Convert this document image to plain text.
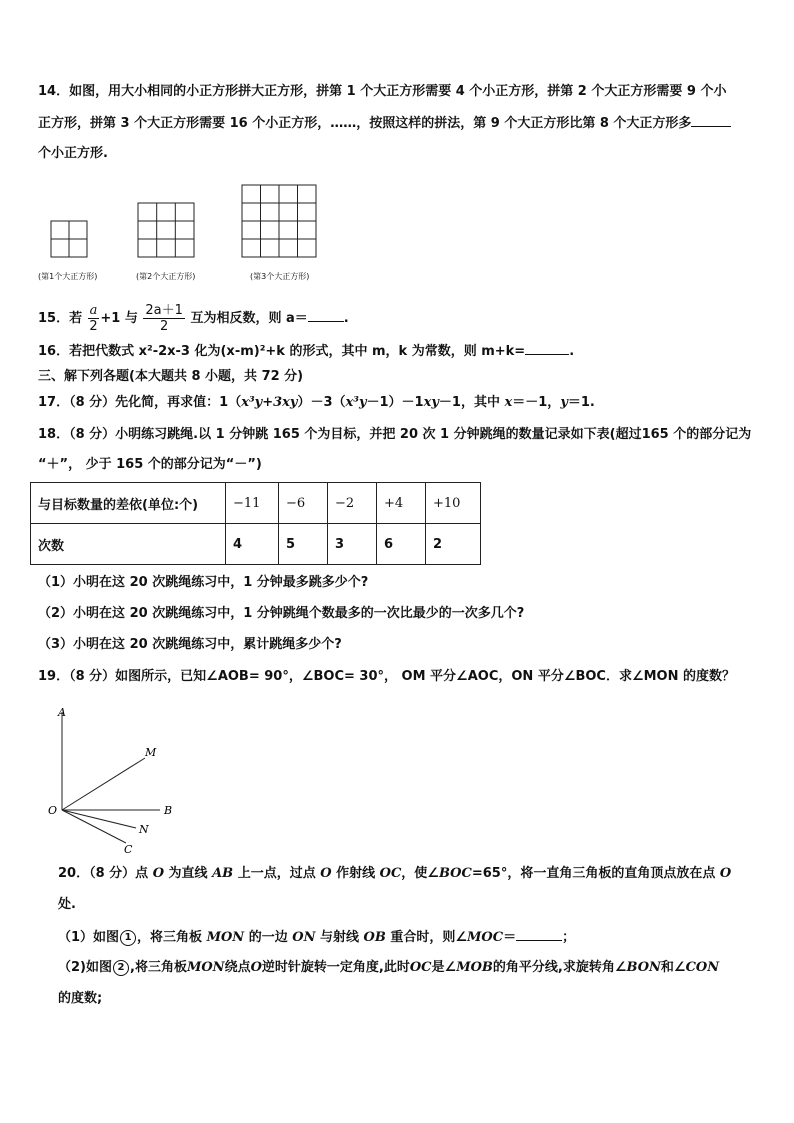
14．如图，用大小相同的小正方形拼大正方形，拼第 1 个大正方形需要 4 个小正方形，拼第 2 个大正方形需要 9 个小
正方形，拼第 3 个大正方形需要 16 个小正方形，……，按照这样的拼法，第 9 个大正方形比第 8 个大正方形多
个小正方形.
(第1个大正方形)	(第2个大正方形)	(第3个大正方形)
15．若 $\frac{a}{2} +1$ 与 $\frac{2a+1}{2}$ 互为相反数，则 a＝	.
16．若把代数式 x²-2x-3 化为(x-m)²+k 的形式，其中 m，k 为常数，则 m+k=	.
三、解下列各题(本大题共 8 小题，共 72 分)
17．（8 分）先化简，再求值：1（x³y+3xy）－3（x³y－1）－1xy－1，其中 x＝－1，y＝1.
18．（8 分）小明练习跳绳.以 1 分钟跳 165 个为目标，并把 20 次 1 分钟跳绳的数量记录如下表(超过165 个的部分记为
“＋”， 少于 165 个的部分记为“－”)
与目标数量的差依(单位:个)	−11	−6	−2	+4	+10
次数	4	5	3	6	2
（1）小明在这 20 次跳绳练习中，1 分钟最多跳多少个?
（2）小明在这 20 次跳绳练习中，1 分钟跳绳个数最多的一次比最少的一次多几个?
（3）小明在这 20 次跳绳练习中，累计跳绳多少个?
19．（8 分）如图所示，已知∠AOB= 90°，∠BOC= 30°， OM 平分∠AOC，ON 平分∠BOC．求∠MON 的度数？
A
M
O	B
N
C
20．（8 分）点 O 为直线 AB 上一点，过点 O 作射线 OC，使∠BOC=65°，将一直角三角板的直角顶点放在点 O
处.
（1）如图 1 ，将三角板 MON 的一边 ON 与射线 OB 重合时，则∠MOC＝	；
（2)如图 2 ,将三角板MON绕点O逆时针旋转一定角度,此时OC是∠MOB的角平分线,求旋转角∠BON和∠CON
的度数;
